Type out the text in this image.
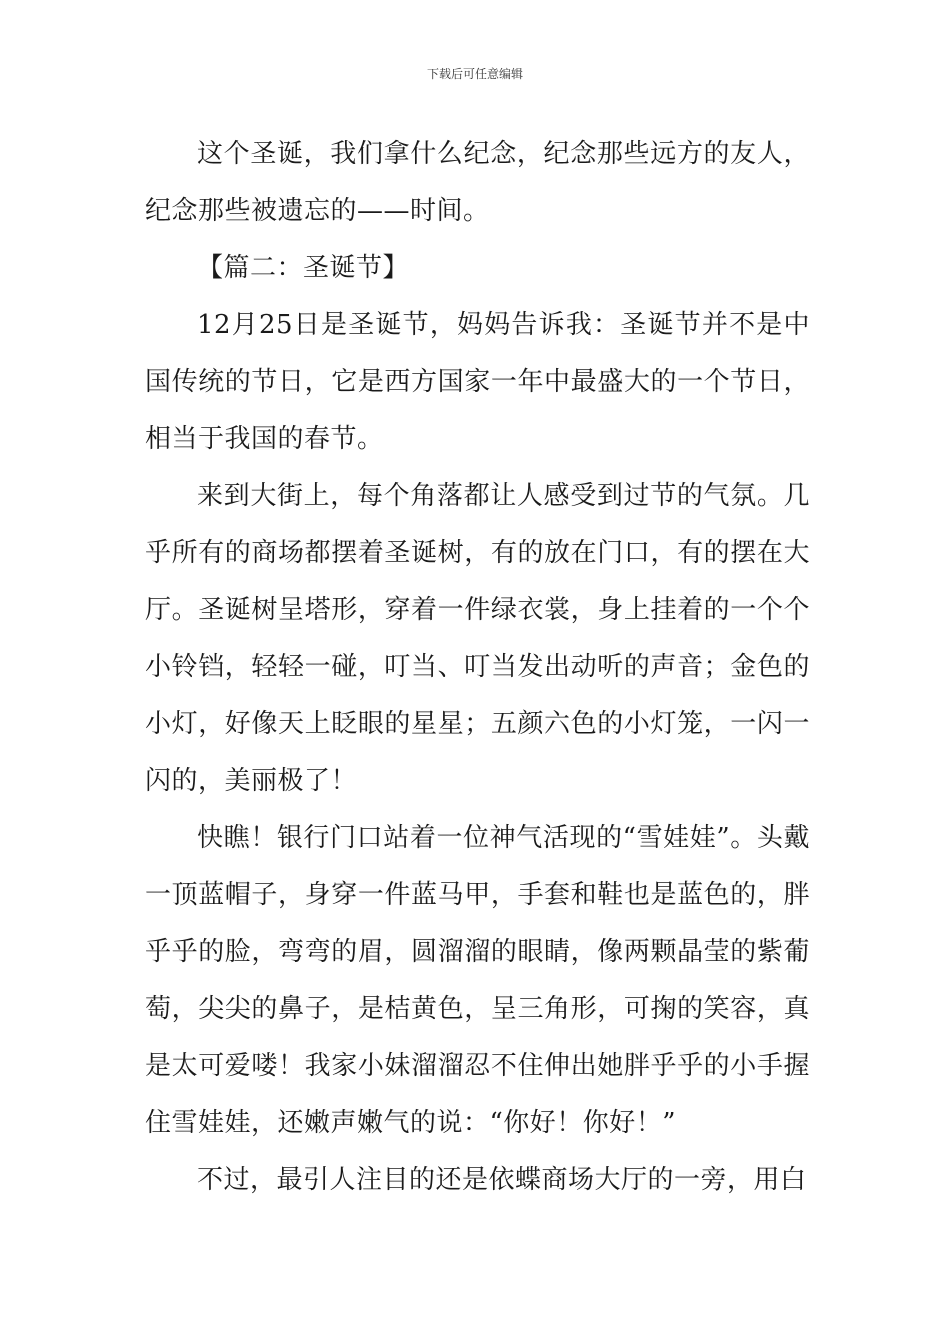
下载后可任意编辑

这个圣诞，我们拿什么纪念，纪念那些远方的友人，纪念那些被遗忘的——时间。

【篇二：圣诞节】

12月25日是圣诞节，妈妈告诉我：圣诞节并不是中国传统的节日，它是西方国家一年中最盛大的一个节日，相当于我国的春节。

来到大街上，每个角落都让人感受到过节的气氛。几乎所有的商场都摆着圣诞树，有的放在门口，有的摆在大厅。圣诞树呈塔形，穿着一件绿衣裳，身上挂着的一个个小铃铛，轻轻一碰，叮当、叮当发出动听的声音；金色的小灯，好像天上眨眼的星星；五颜六色的小灯笼，一闪一闪的，美丽极了！

快瞧！银行门口站着一位神气活现的“雪娃娃”。头戴一顶蓝帽子，身穿一件蓝马甲，手套和鞋也是蓝色的，胖乎乎的脸，弯弯的眉，圆溜溜的眼睛，像两颗晶莹的紫葡萄，尖尖的鼻子，是桔黄色，呈三角形，可掬的笑容，真是太可爱喽！我家小妹溜溜忍不住伸出她胖乎乎的小手握住雪娃娃，还嫩声嫩气的说：“你好！你好！”

不过，最引人注目的还是依蝶商场大厅的一旁，用白
